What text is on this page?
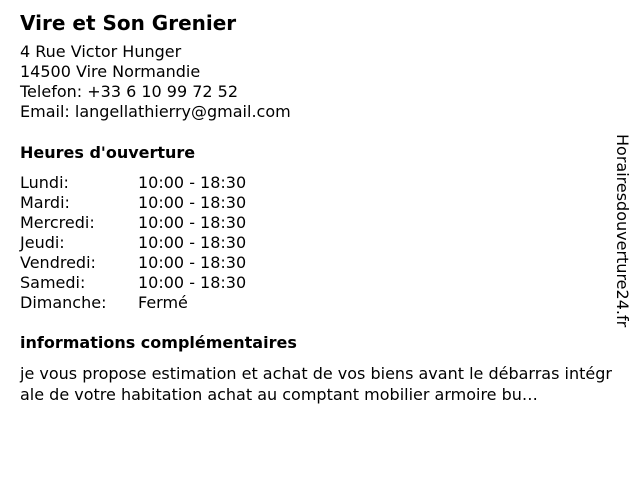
Vire et Son Grenier
4 Rue Victor Hunger
14500 Vire Normandie
Telefon: +33 6 10 99 72 52
Email: langellathierry@gmail.com
Heures d'ouverture
Lundi:	10:00 - 18:30
Mardi:	10:00 - 18:30
Mercredi:	10:00 - 18:30
Jeudi:	10:00 - 18:30
Vendredi:	10:00 - 18:30
Samedi:	10:00 - 18:30
Dimanche:	Fermé
informations complémentaires
je vous propose estimation et achat de vos biens avant le débarras intégrale de votre habitation achat au comptant mobilier armoire bu…
Horairesdouverture24.fr
